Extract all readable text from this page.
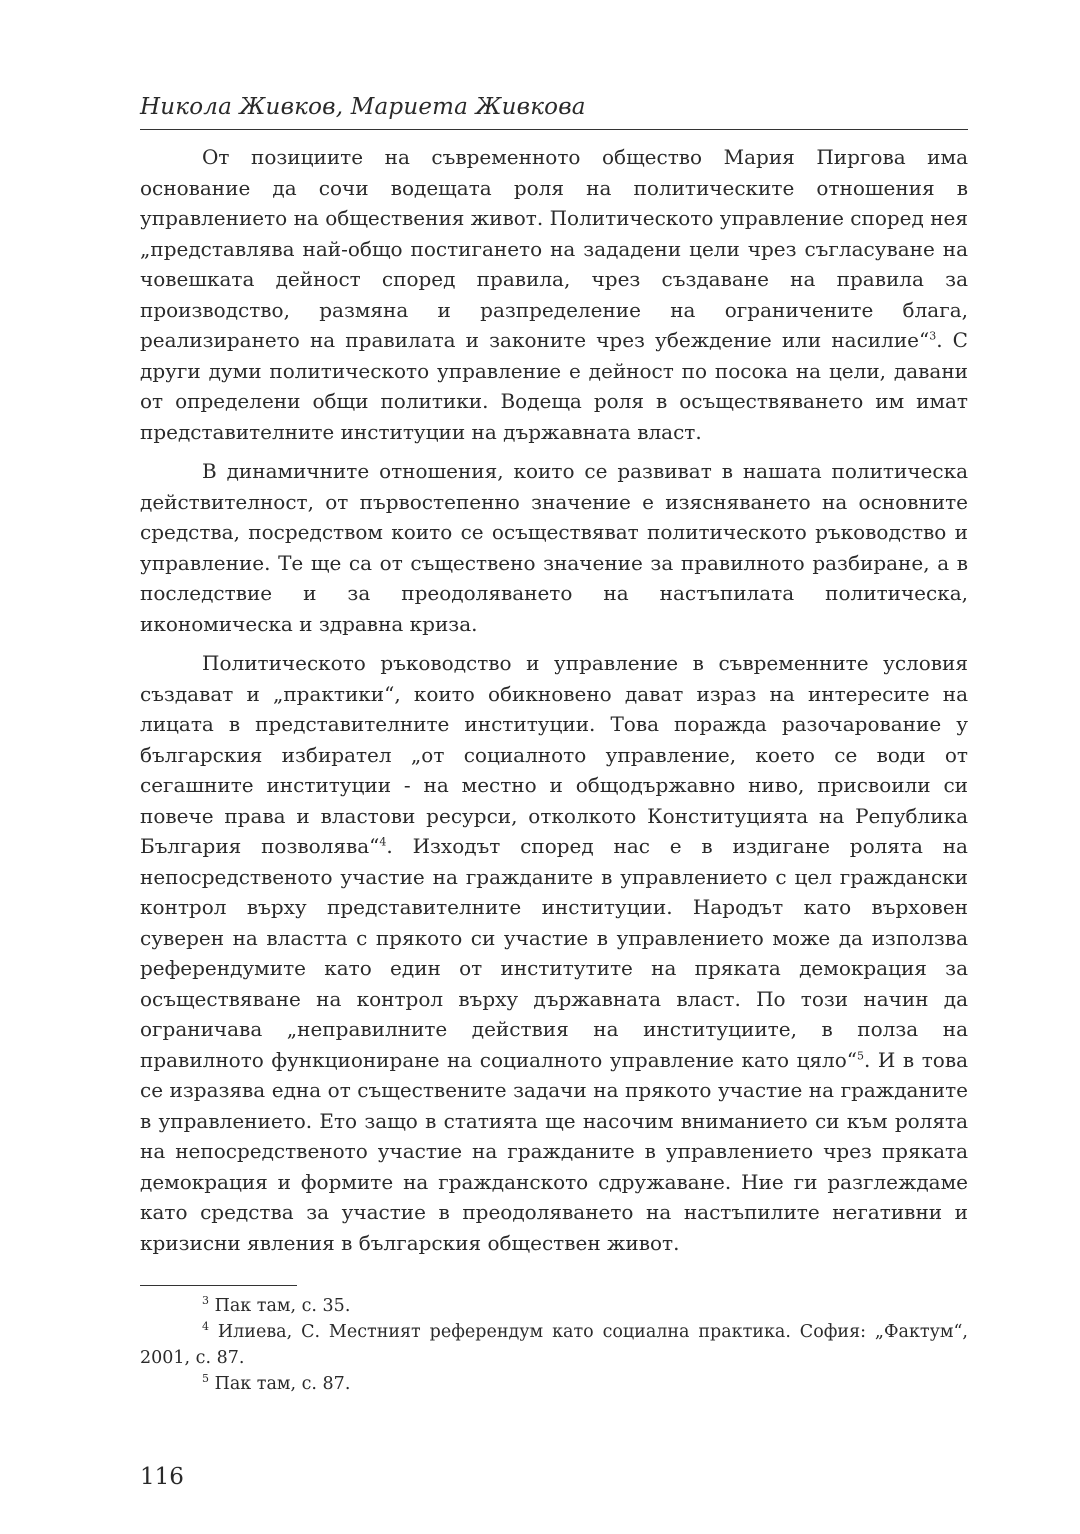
Никола Живков, Мариета Живкова

От позициите на съвременното общество Мария Пиргова има основание да сочи водещата роля на политическите отношения в управлението на обществения живот. Политическото управление според нея „представлява най-общо постигането на зададени цели чрез съгласуване на човешката дейност според правила, чрез създаване на правила за производство, размяна и разпределение на ограничените блага, реализирането на правилата и законите чрез убеждение или насилие“$^3$. С други думи политическото управление е дейност по посока на цели, давани от определени общи политики. Водеща роля в осъществяването им имат представителните институции на държавната власт.

В динамичните отношения, които се развиват в нашата политическа действителност, от първостепенно значение е изясняването на основните средства, посредством които се осъществяват политическото ръководство и управление. Те ще са от съществено значение за правилното разбиране, а в последствие и за преодоляването на настъпилата политическа, икономическа и здравна криза.

Политическото ръководство и управление в съвременните условия създават и „практики“, които обикновено дават израз на интересите на лицата в представителните институции. Това поражда разочарование у българския избирател „от социалното управление, което се води от сегашните институции - на местно и общодържавно ниво, присвоили си повече права и властови ресурси, отколкото Конституцията на Република България позволява“$^4$. Изходът според нас е в издигане ролята на непосредственото участие на гражданите в управлението с цел граждански контрол върху представителните институции. Народът като върховен суверен на властта с прякото си участие в управлението може да използва референдумите като един от институтите на пряката демокрация за осъществяване на контрол върху държавната власт. По този начин да ограничава „неправилните действия на институциите, в полза на правилното функциониране на социалното управление като цяло“$^5$. И в това се изразява една от съществените задачи на прякото участие на гражданите в управлението. Ето защо в статията ще насочим вниманието си към ролята на непосредственото участие на гражданите в управлението чрез пряката демокрация и формите на гражданското сдружаване. Ние ги разглеждаме като средства за участие в преодоляването на настъпилите негативни и кризисни явления в българския обществен живот.

$^3$ Пак там, с. 35.

$^4$ Илиева, С. Местният референдум като социална практика. София: „Фактум“, 2001, с. 87.

$^5$ Пак там, с. 87.

116
